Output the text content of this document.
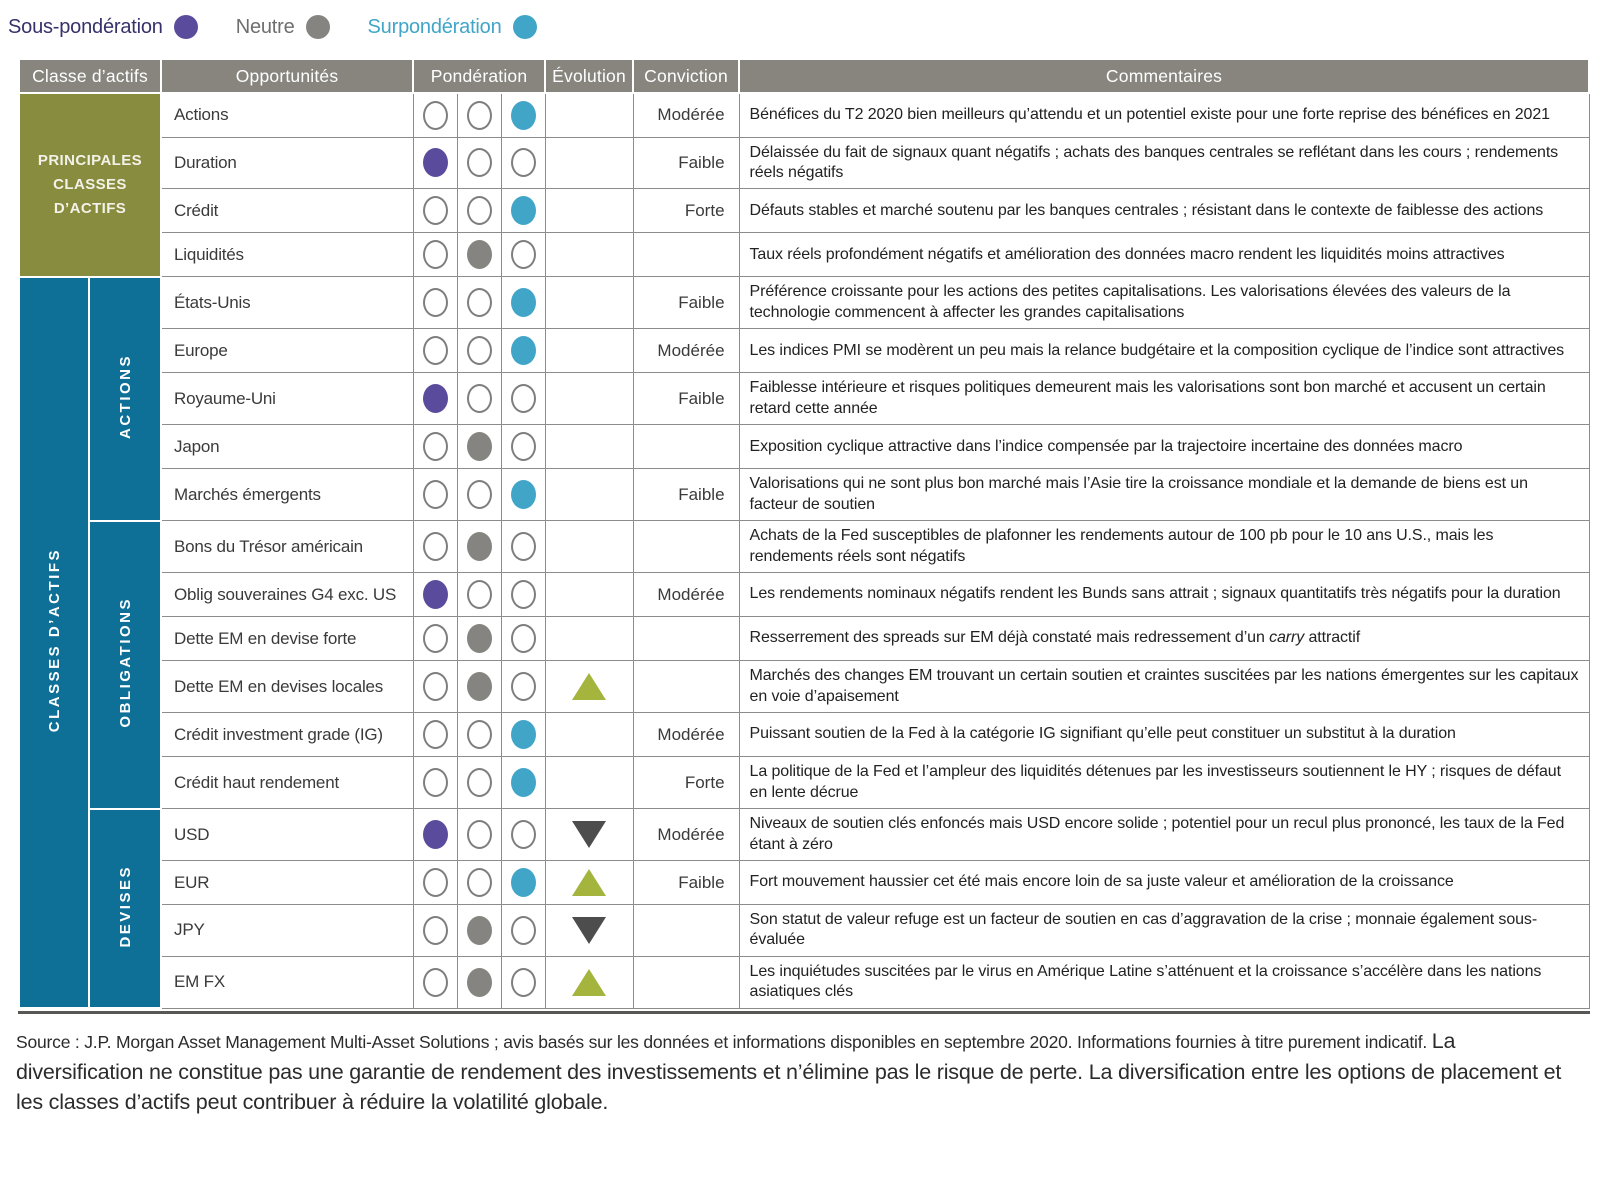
Sous-pondération	Neutre	Surpondération
Classe d’actifs		Opportunités	Pondération			Évolution	Conviction	Commentaires
PRINCIPALES CLASSES D’ACTIFS		Actions					Modérée	Bénéfices du T2 2020 bien meilleurs qu’attendu et un potentiel existe pour une forte reprise des bénéfices en 2021
		Duration					Faible	Délaissée du fait de signaux quant négatifs ; achats des banques centrales se reflétant dans les cours ; rendements réels négatifs
		Crédit					Forte	Défauts stables et marché soutenu par les banques centrales ; résistant dans le contexte de faiblesse des actions
		Liquidités						Taux réels profondément négatifs et amélioration des données macro rendent les liquidités moins attractives
CLASSES D’ACTIFS	ACTIONS	États-Unis					Faible	Préférence croissante pour les actions des petites capitalisations. Les valorisations élevées des valeurs de la technologie commencent à affecter les grandes capitalisations
		Europe					Modérée	Les indices PMI se modèrent un peu mais la relance budgétaire et la composition cyclique de l’indice sont attractives
		Royaume-Uni					Faible	Faiblesse intérieure et risques politiques demeurent mais les valorisations sont bon marché et accusent un certain retard cette année
		Japon						Exposition cyclique attractive dans l’indice compensée par la trajectoire incertaine des données macro
		Marchés émergents					Faible	Valorisations qui ne sont plus bon marché mais l’Asie tire la croissance mondiale et la demande de biens est un facteur de soutien
	OBLIGATIONS	Bons du Trésor américain						Achats de la Fed susceptibles de plafonner les rendements autour de 100 pb pour le 10 ans U.S., mais les rendements réels sont négatifs
		Oblig souveraines G4 exc. US					Modérée	Les rendements nominaux négatifs rendent les Bunds sans attrait ; signaux quantitatifs très négatifs pour la duration
		Dette EM en devise forte						Resserrement des spreads sur EM déjà constaté mais redressement d’un carry attractif
		Dette EM en devises locales						Marchés des changes EM trouvant un certain soutien et craintes suscitées par les nations émergentes sur les capitaux en voie d’apaisement
		Crédit investment grade (IG)					Modérée	Puissant soutien de la Fed à la catégorie IG signifiant qu’elle peut constituer un substitut à la duration
		Crédit haut rendement					Forte	La politique de la Fed et l’ampleur des liquidités détenues par les investisseurs soutiennent le HY ; risques de défaut en lente décrue
	DEVISES	USD					Modérée	Niveaux de soutien clés enfoncés mais USD encore solide ; potentiel pour un recul plus prononcé, les taux de la Fed étant à zéro
		EUR					Faible	Fort mouvement haussier cet été mais encore loin de sa juste valeur et amélioration de la croissance
		JPY						Son statut de valeur refuge est un facteur de soutien en cas d’aggravation de la crise ; monnaie également sous-évaluée
		EM FX						Les inquiétudes suscitées par le virus en Amérique Latine s’atténuent et la croissance s’accélère dans les nations asiatiques clés

Source : J.P. Morgan Asset Management Multi-Asset Solutions ; avis basés sur les données et informations disponibles en septembre 2020. Informations fournies à titre purement indicatif. La diversification ne constitue pas une garantie de rendement des investissements et n’élimine pas le risque de perte. La diversification entre les options de placement et les classes d’actifs peut contribuer à réduire la volatilité globale.
